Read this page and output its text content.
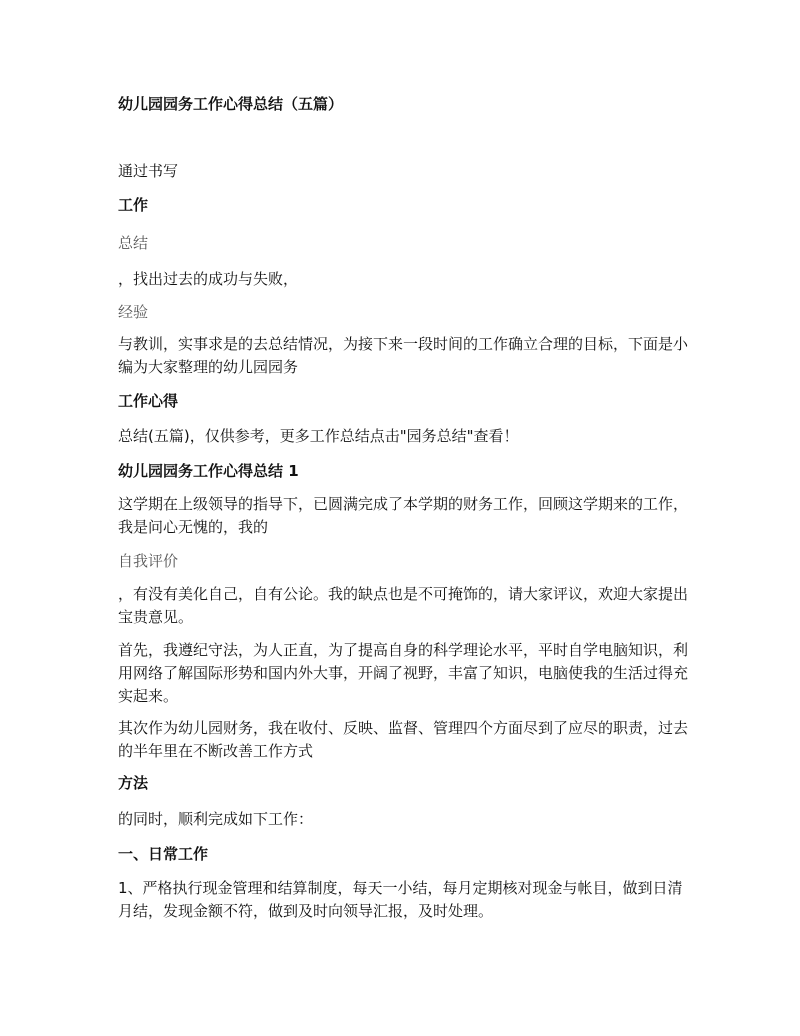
幼儿园园务工作心得总结（五篇）
通过书写
工作
总结
，找出过去的成功与失败，
经验
与教训，实事求是的去总结情况，为接下来一段时间的工作确立合理的目标，下面是小编为大家整理的幼儿园园务
工作心得
总结(五篇)，仅供参考，更多工作总结点击"园务总结"查看！
幼儿园园务工作心得总结 1
这学期在上级领导的指导下，已圆满完成了本学期的财务工作，回顾这学期来的工作，我是问心无愧的，我的
自我评价
，有没有美化自己，自有公论。我的缺点也是不可掩饰的，请大家评议，欢迎大家提出宝贵意见。
首先，我遵纪守法，为人正直，为了提高自身的科学理论水平，平时自学电脑知识，利用网络了解国际形势和国内外大事，开阔了视野，丰富了知识，电脑使我的生活过得充实起来。
其次作为幼儿园财务，我在收付、反映、监督、管理四个方面尽到了应尽的职责，过去的半年里在不断改善工作方式
方法
的同时，顺利完成如下工作：
一、日常工作
1、严格执行现金管理和结算制度，每天一小结，每月定期核对现金与帐目，做到日清月结，发现金额不符，做到及时向领导汇报，及时处理。
